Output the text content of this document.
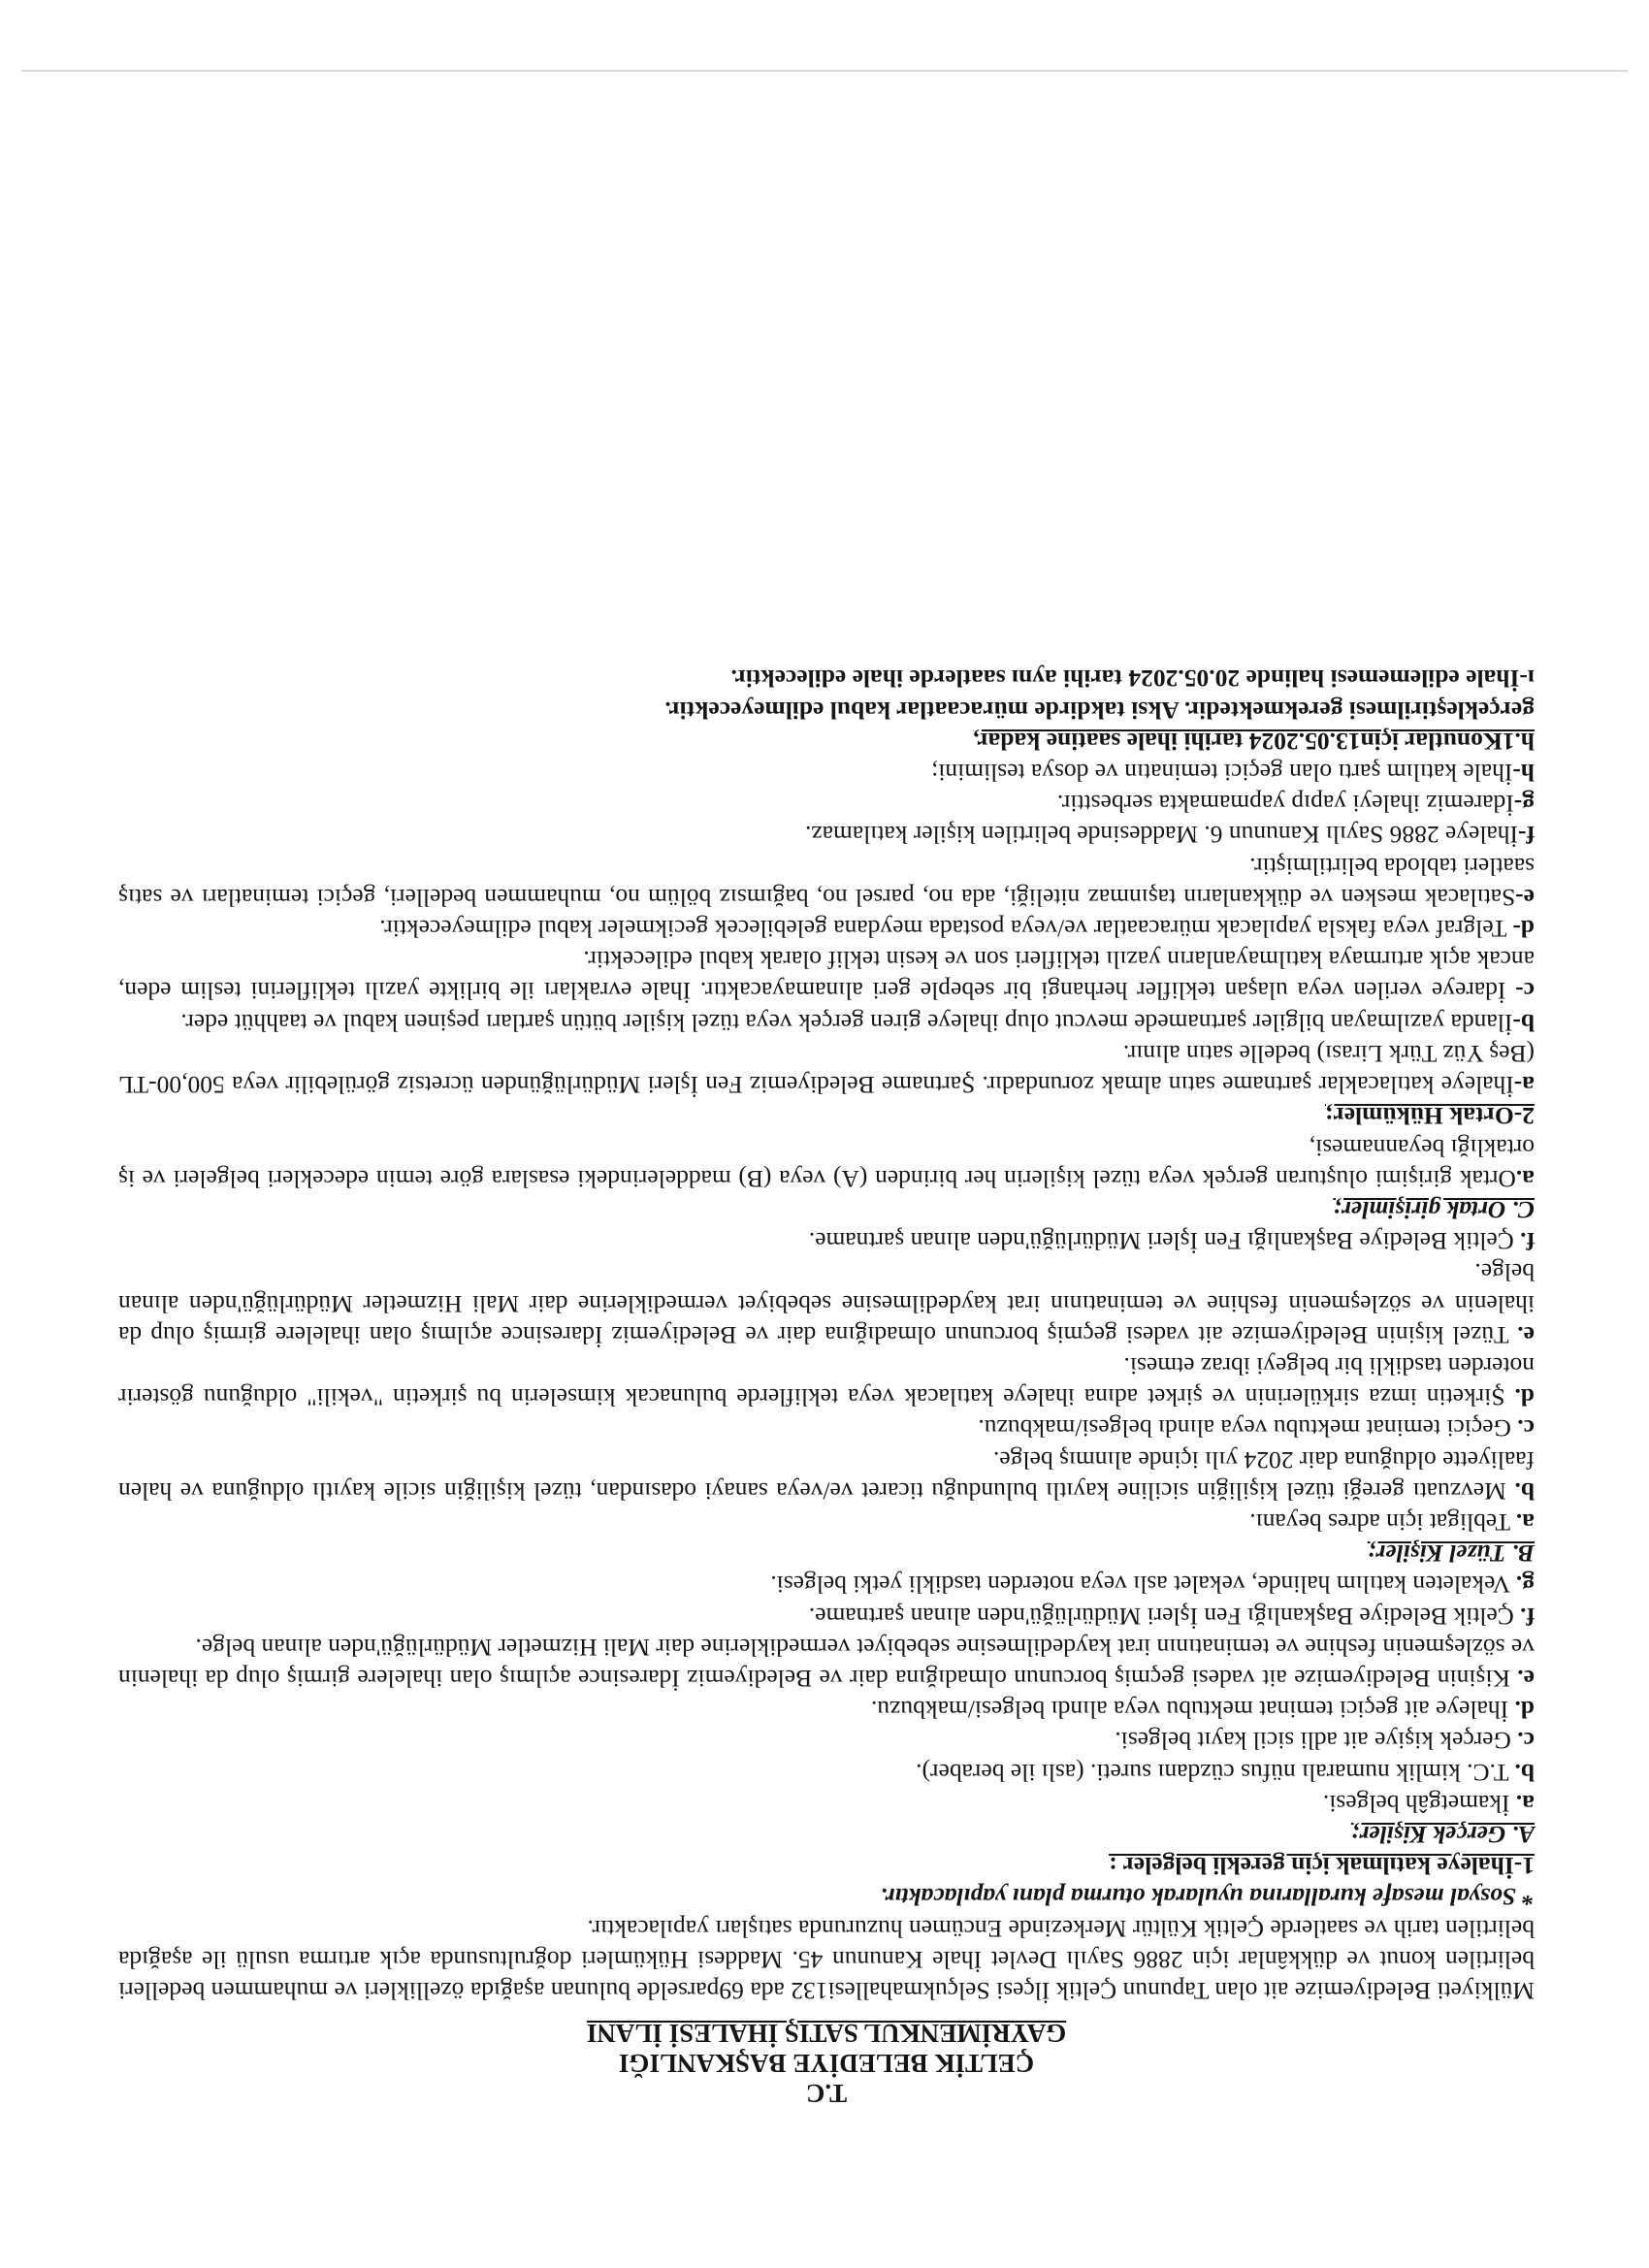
T.C
ÇELTİK BELEDİYE BAŞKANLIĞI
GAYRİMENKUL SATIŞ İHALESİ İLANI

Mülkiyeti Belediyemize ait olan Tapunun Çeltik İlçesi Selçukmahallesi132 ada 69parselde bulunan aşağıda özellikleri ve muhammen bedelleri belirtilen konut ve dükkânlar için 2886 Sayılı Devlet İhale Kanunun 45. Maddesi Hükümleri doğrultusunda açık artırma usulü ile aşağıda belirtilen tarih ve saatlerde Çeltik Kültür Merkezinde Encümen huzurunda satışları yapılacaktır.

* Sosyal mesafe kurallarına uyularak oturma planı yapılacaktır.

1-İhaleye katılmak için gerekli belgeler :

A. Gerçek Kişiler;

a. İkametgâh belgesi.

b. T.C. kimlik numaralı nüfus cüzdanı sureti. (aslı ile beraber).

c. Gerçek kişiye ait adli sicil kayıt belgesi.

d. İhaleye ait geçici teminat mektubu veya alındı belgesi/makbuzu.

e. Kişinin Belediyemize ait vadesi geçmiş borcunun olmadığına dair ve Belediyemiz İdaresince açılmış olan ihalelere girmiş olup da ihalenin ve sözleşmenin feshine ve teminatının irat kaydedilmesine sebebiyet vermediklerine dair Mali Hizmetler Müdürlüğü'nden alınan belge.

f. Çeltik Belediye Başkanlığı Fen İşleri Müdürlüğü'nden alınan şartname.

g. Vekaleten katılım halinde, vekalet aslı veya noterden tasdikli yetki belgesi.

B. Tüzel Kişiler;

a. Tebligat için adres beyanı.

b. Mevzuatı gereği tüzel kişiliğin siciline kayıtlı bulunduğu ticaret ve/veya sanayi odasından, tüzel kişiliğin sicile kayıtlı olduğuna ve halen faaliyette olduğuna dair 2024 yılı içinde alınmış belge.

c. Geçici teminat mektubu veya alındı belgesi/makbuzu.

d. Şirketin imza sirkülerinin ve şirket adına ihaleye katılacak veya tekliflerde bulunacak kimselerin bu şirketin "vekili" olduğunu gösterir noterden tasdikli bir belgeyi ibraz etmesi.

e. Tüzel kişinin Belediyemize ait vadesi geçmiş borcunun olmadığına dair ve Belediyemiz İdaresince açılmış olan ihalelere girmiş olup da ihalenin ve sözleşmenin feshine ve teminatının irat kaydedilmesine sebebiyet vermediklerine dair Mali Hizmetler Müdürlüğü'nden alınan belge.

f. Çeltik Belediye Başkanlığı Fen İşleri Müdürlüğü'nden alınan şartname.

C. Ortak girişimler;

a.Ortak girişimi oluşturan gerçek veya tüzel kişilerin her birinden (A) veya (B) maddelerindeki esaslara göre temin edecekleri belgeleri ve iş ortaklığı beyannamesi,

2-Ortak Hükümler;

a-İhaleye katılacaklar şartname satın almak zorundadır. Şartname Belediyemiz Fen İşleri Müdürlüğünden ücretsiz görülebilir veya 500,00-TL (Beş Yüz Türk Lirası) bedelle satın alınır.

b-İlanda yazılmayan bilgiler şartnamede mevcut olup ihaleye giren gerçek veya tüzel kişiler bütün şartları peşinen kabul ve taahhüt eder.

c- İdareye verilen veya ulaşan teklifler herhangi bir sebeple geri alınamayacaktır. İhale evrakları ile birlikte yazılı tekliflerini teslim eden, ancak açık artırmaya katılmayanların yazılı teklifleri son ve kesin teklif olarak kabul edilecektir.

d- Telgraf veya faksla yapılacak müracaatlar ve/veya postada meydana gelebilecek gecikmeler kabul edilmeyecektir.

e-Satılacak mesken ve dükkanların taşınmaz niteliği, ada no, parsel no, bağımsız bölüm no, muhammen bedelleri, geçici teminatları ve satış saatleri tabloda belirtilmiştir.

f-İhaleye 2886 Sayılı Kanunun 6. Maddesinde belirtilen kişiler katılamaz.

g-İdaremiz ihaleyi yapıp yapmamakta serbesttir.

h-İhale katılım şartı olan geçici teminatın ve dosya teslimini;

h.1Konutlar için13.05.2024 tarihi ihale saatine kadar,

gerçekleştirilmesi gerekmektedir. Aksi takdirde müracaatlar kabul edilmeyecektir.

ı-İhale edilememesi halinde 20.05.2024 tarihi aynı saatlerde ihale edilecektir.
